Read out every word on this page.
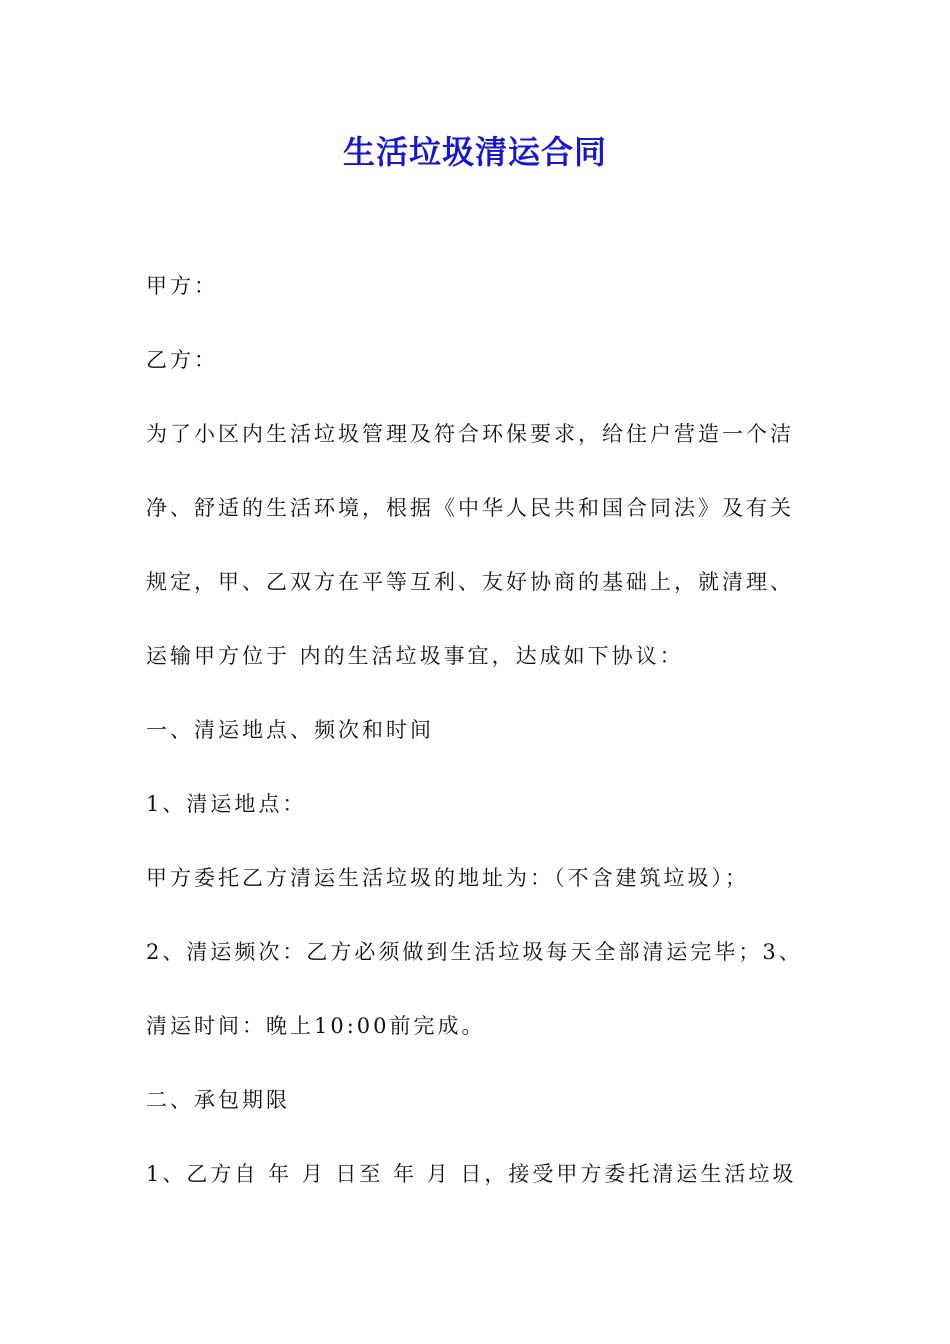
生活垃圾清运合同
甲方：
乙方：
为了小区内生活垃圾管理及符合环保要求，给住户营造一个洁
净、舒适的生活环境，根据《中华人民共和国合同法》及有关
规定，甲、乙双方在平等互利、友好协商的基础上，就清理、
运输甲方位于 内的生活垃圾事宜，达成如下协议：
一、清运地点、频次和时间
1、清运地点：
甲方委托乙方清运生活垃圾的地址为：（不含建筑垃圾）；
2、清运频次：乙方必须做到生活垃圾每天全部清运完毕；3、
清运时间：晚上10:00前完成。
二、承包期限
1、乙方自 年 月 日至 年 月 日，接受甲方委托清运生活垃圾
